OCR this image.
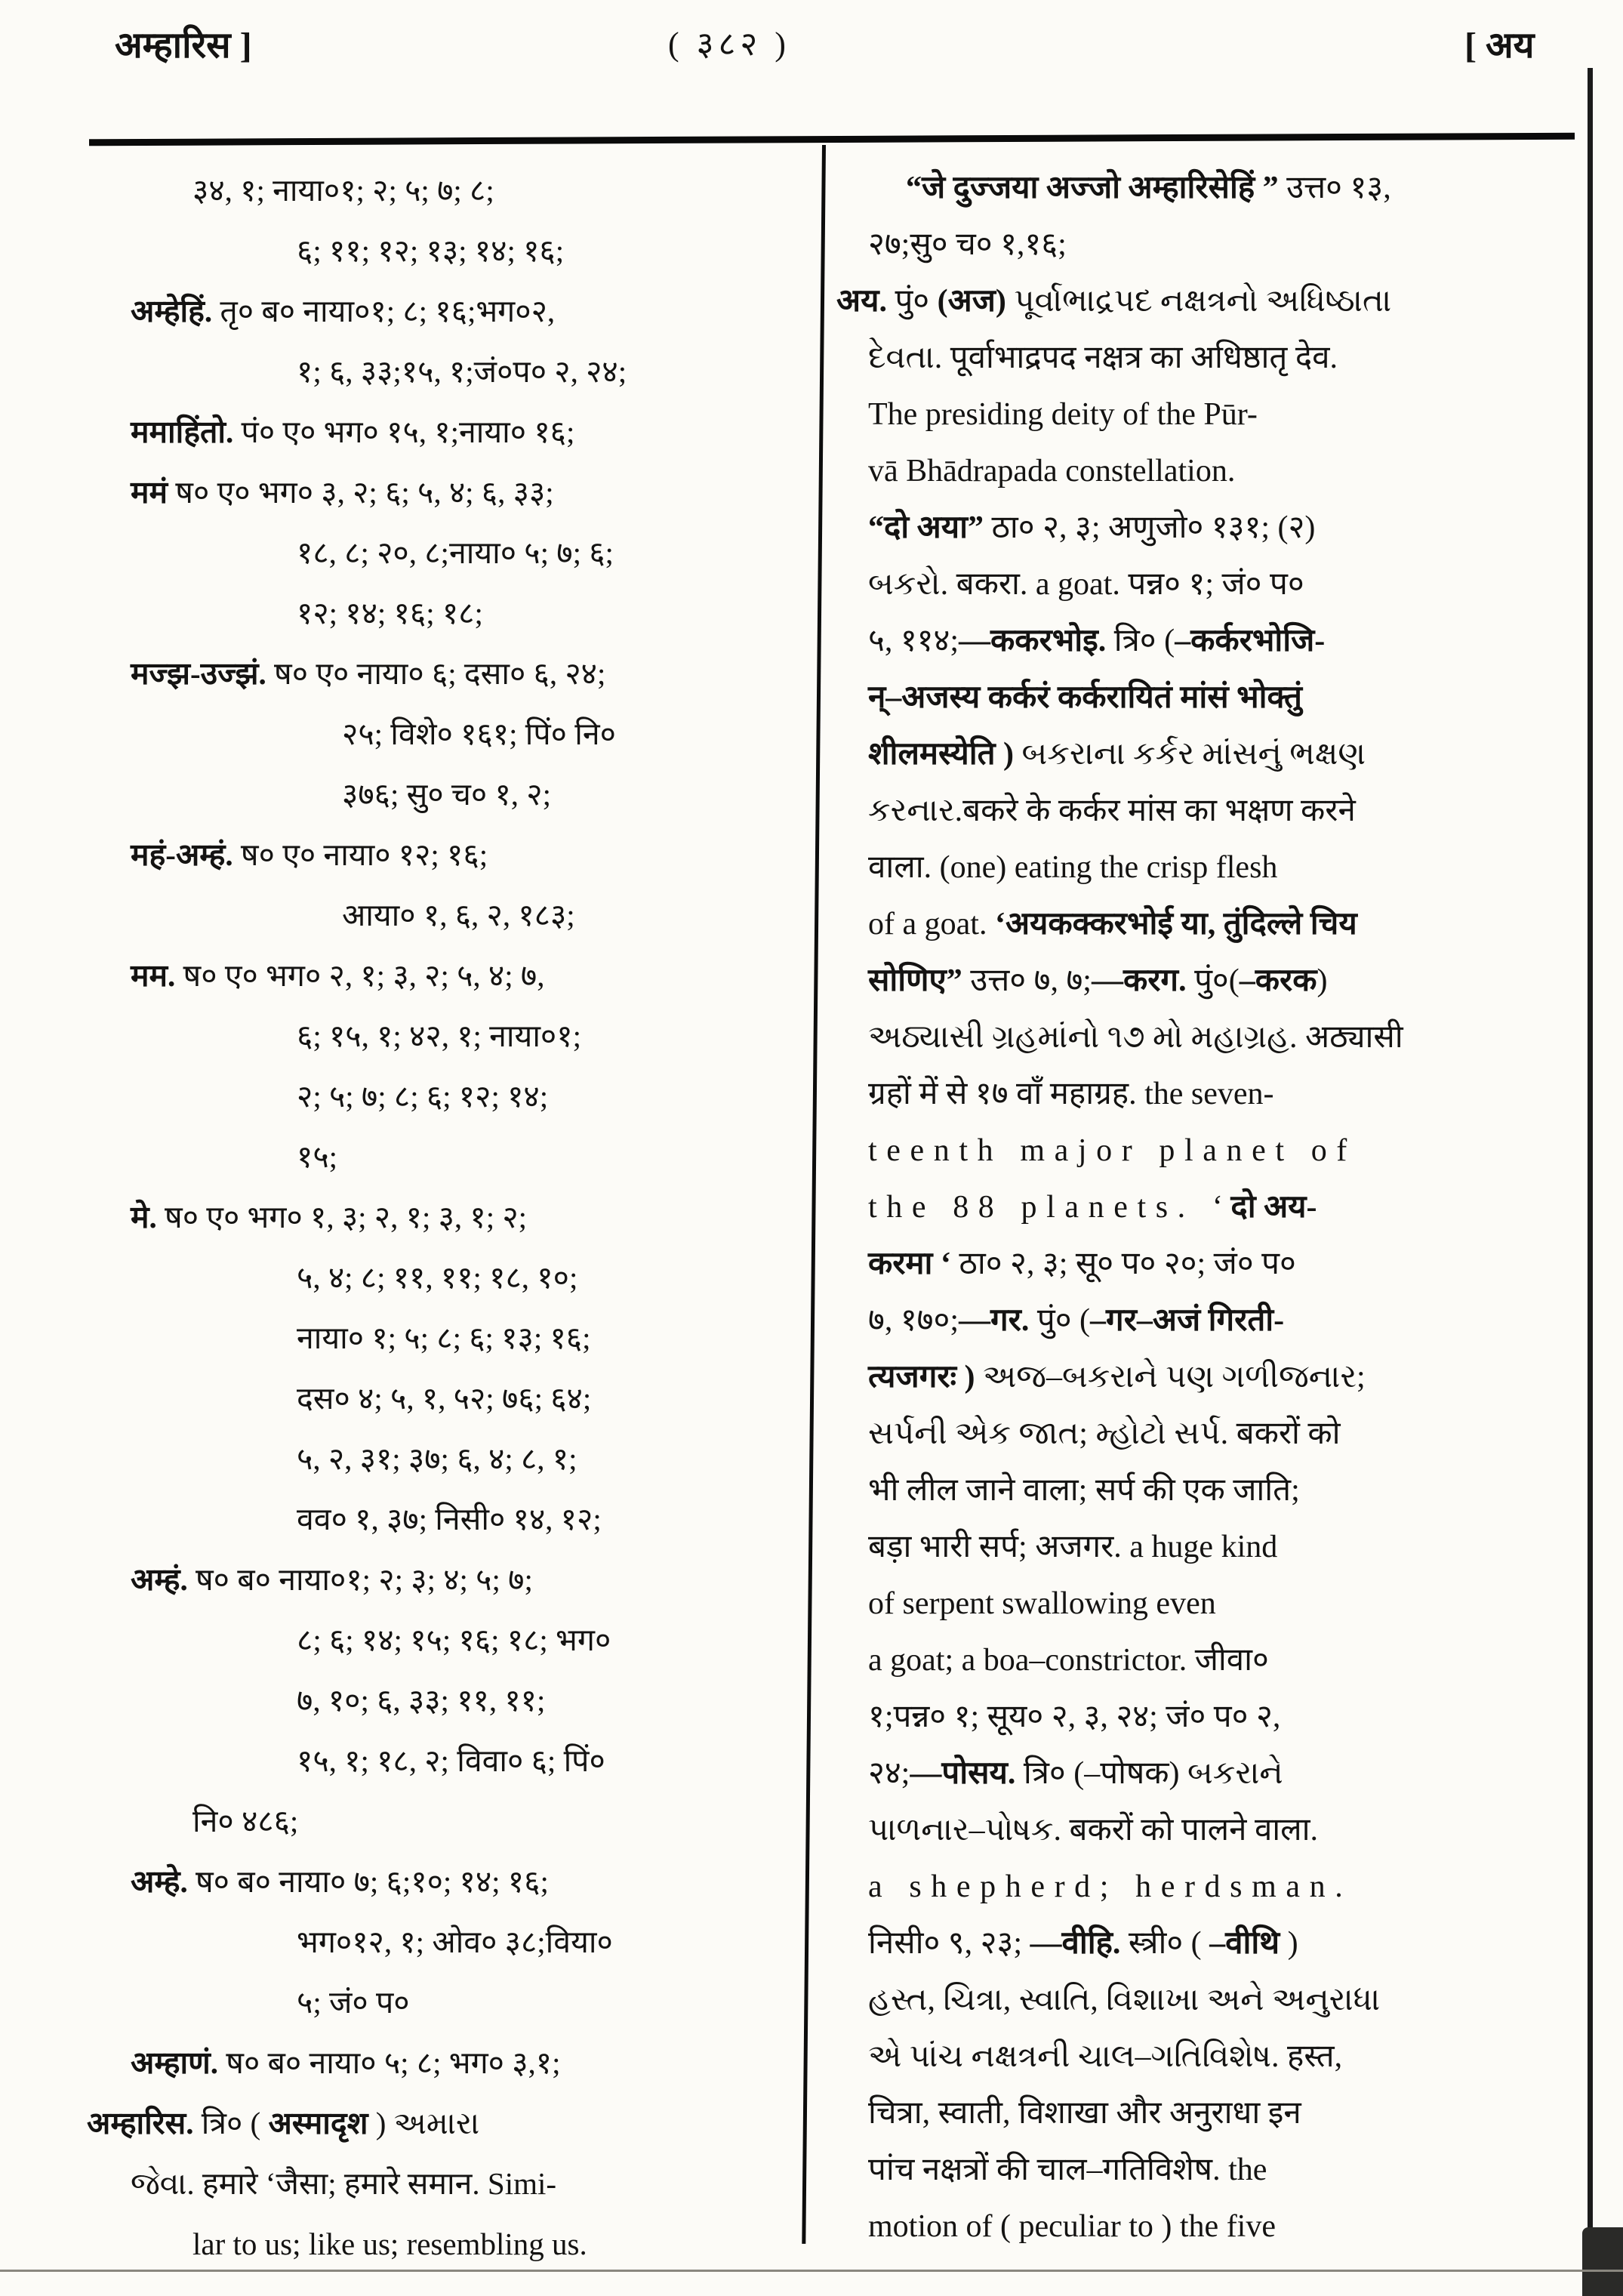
अम्हारिस ]	( ३८२ )	[ अय
३४, १; नाया०१; २; ५; ७; ८;
६; ११; १२; १३; १४; १६;
अम्हेहिं. तृ० ब० नाया०१; ८; १६;भग०२,
१; ६, ३३;१५, १;जं०प० २, २४;
ममाहिंतो. पं० ए० भग० १५, १;नाया० १६;
ममं ष० ए० भग० ३, २; ६; ५, ४; ६, ३३;
१८, ८; २०, ८;नाया० ५; ७; ६;
१२; १४; १६; १८;
मज्झ-उज्झं. ष० ए० नाया० ६; दसा० ६, २४;
२५; विशे० १६१; पिं० नि०
३७६; सु० च० १, २;
महं-अम्हं. ष० ए० नाया० १२; १६;
आया० १, ६, २, १८३;
मम. ष० ए० भग० २, १; ३, २; ५, ४; ७,
६; १५, १; ४२, १; नाया०१;
२; ५; ७; ८; ६; १२; १४;
१५;
मे. ष० ए० भग० १, ३; २, १; ३, १; २;
५, ४; ८; ११, ११; १८, १०;
नाया० १; ५; ८; ६; १३; १६;
दस० ४; ५, १, ५२; ७६; ६४;
५, २, ३१; ३७; ६, ४; ८, १;
वव० १, ३७; निसी० १४, १२;
अम्हं. ष० ब० नाया०१; २; ३; ४; ५; ७;
८; ६; १४; १५; १६; १८; भग०
७, १०; ६, ३३; ११, ११;
१५, १; १८, २; विवा० ६; पिं०
नि० ४८६;
अम्हे. ष० ब० नाया० ७; ६;१०; १४; १६;
भग०१२, १; ओव० ३८;विया०
५; जं० प०
अम्हाणं. ष० ब० नाया० ५; ८; भग० ३,१;
अम्हारिस. त्रि० ( अस्मादृश ) અમારા
જેવા. हमारे ‘जैसा; हमारे समान. Simi-
lar to us; like us; resembling us.
“जे दुज्जया अज्जो अम्हारिसेहिं ” उत्त० १३,
२७;सु० च० १,१६;
अय. पुं० (अज) પૂર્વાભાદ્રપદ નક્ષત્રનો અધિષ્ઠાતા
દેવતા. पूर्वाभाद्रपद नक्षत्र का अधिष्ठातृ देव.
The presiding deity of the Pūr-
vā Bhādrapada constellation.
“दो अया” ठा० २, ३; अणुजो० १३१; (२)
બકરો. बकरा. a goat. पन्न० १; जं० प०
५, ११४;—ककरभोइ. त्रि० (–कर्करभोजि-
न्–अजस्य कर्करं कर्करायितं मांसं भोक्तुं
शीलमस्येति ) બકરાના કર્કર માંસનું ભક્ષણ
કરનાર.बकरे के कर्कर मांस का भक्षण करने
वाला. (one) eating the crisp flesh
of a goat. ‘अयकक्करभोई या, तुंदिल्ले चिय
सोणिए” उत्त० ७, ७;—करग. पुं०(–करक)
અઠ્યાસી ગ્રહમાંનો ૧૭ મો મહાગ્રહ. अठ्यासी
ग्रहों में से १७ वाँ महाग्रह. the seven-
teenth major planet of
the 88 planets. ‘ दो अय-
करमा ‘ ठा० २, ३; सू० प० २०; जं० प०
७, १७०;—गर. पुं० (–गर–अजं गिरती-
त्यजगरः ) અજ–બકરાને પણ ગળીજનાર;
સર્પની એક જાત; મ્હોટો સર્પ. बकरों को
भी लील जाने वाला; सर्प की एक जाति;
बड़ा भारी सर्प; अजगर. a huge kind
of serpent swallowing even
a goat; a boa–constrictor. जीवा०
१;पन्न० १; सूय० २, ३, २४; जं० प० २,
२४;—पोसय. त्रि० (–पोषक) બકરાને
પાળનાર–પોષક. बकरों को पालने वाला.
a shepherd; herdsman.
निसी० ९, २३; —वीहि. स्त्री० ( –वीथि )
હસ્ત, ચિત્રા, સ્વાતિ, વિશાખા અને અનુરાધા
એ પાંચ નક્ષત્રની ચાલ–ગતિવિશેષ. हस्त,
चित्रा, स्वाती, विशाखा और अनुराधा इन
पांच नक्षत्रों की चाल–गतिविशेष. the
motion of ( peculiar to ) the five
